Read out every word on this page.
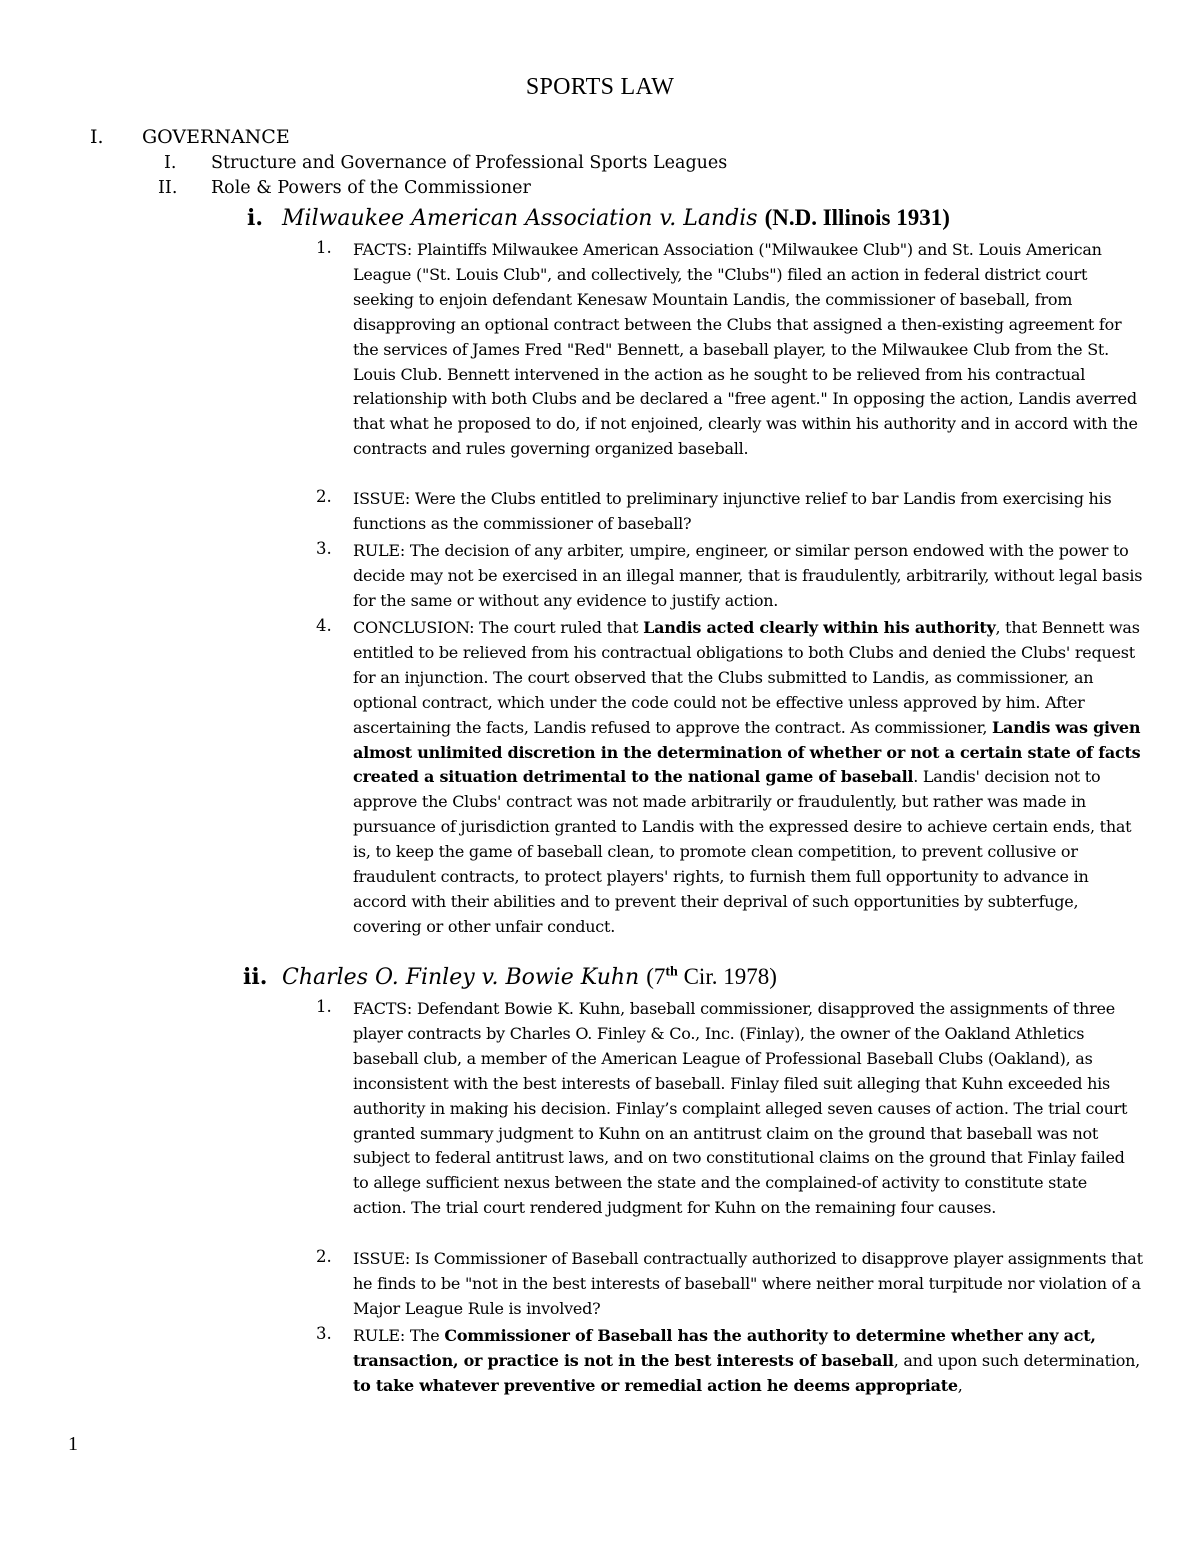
SPORTS LAW
I. GOVERNANCE
I. Structure and Governance of Professional Sports Leagues
II. Role & Powers of the Commissioner
i. Milwaukee American Association v. Landis (N.D. Illinois 1931)
1. FACTS: Plaintiffs Milwaukee American Association ("Milwaukee Club") and St. Louis American League ("St. Louis Club", and collectively, the "Clubs") filed an action in federal district court seeking to enjoin defendant Kenesaw Mountain Landis, the commissioner of baseball, from disapproving an optional contract between the Clubs that assigned a then-existing agreement for the services of James Fred "Red" Bennett, a baseball player, to the Milwaukee Club from the St. Louis Club. Bennett intervened in the action as he sought to be relieved from his contractual relationship with both Clubs and be declared a "free agent." In opposing the action, Landis averred that what he proposed to do, if not enjoined, clearly was within his authority and in accord with the contracts and rules governing organized baseball.

2. ISSUE: Were the Clubs entitled to preliminary injunctive relief to bar Landis from exercising his functions as the commissioner of baseball?

3. RULE: The decision of any arbiter, umpire, engineer, or similar person endowed with the power to decide may not be exercised in an illegal manner, that is fraudulently, arbitrarily, without legal basis for the same or without any evidence to justify action.

4. CONCLUSION: The court ruled that Landis acted clearly within his authority, that Bennett was entitled to be relieved from his contractual obligations to both Clubs and denied the Clubs' request for an injunction. The court observed that the Clubs submitted to Landis, as commissioner, an optional contract, which under the code could not be effective unless approved by him. After ascertaining the facts, Landis refused to approve the contract. As commissioner, Landis was given almost unlimited discretion in the determination of whether or not a certain state of facts created a situation detrimental to the national game of baseball. Landis' decision not to approve the Clubs' contract was not made arbitrarily or fraudulently, but rather was made in pursuance of jurisdiction granted to Landis with the expressed desire to achieve certain ends, that is, to keep the game of baseball clean, to promote clean competition, to prevent collusive or fraudulent contracts, to protect players' rights, to furnish them full opportunity to advance in accord with their abilities and to prevent their deprival of such opportunities by subterfuge, covering or other unfair conduct.

ii. Charles O. Finley v. Bowie Kuhn (7th Cir. 1978)
1. FACTS: Defendant Bowie K. Kuhn, baseball commissioner, disapproved the assignments of three player contracts by Charles O. Finley & Co., Inc. (Finlay), the owner of the Oakland Athletics baseball club, a member of the American League of Professional Baseball Clubs (Oakland), as inconsistent with the best interests of baseball. Finlay filed suit alleging that Kuhn exceeded his authority in making his decision. Finlay’s complaint alleged seven causes of action. The trial court granted summary judgment to Kuhn on an antitrust claim on the ground that baseball was not subject to federal antitrust laws, and on two constitutional claims on the ground that Finlay failed to allege sufficient nexus between the state and the complained-of activity to constitute state action. The trial court rendered judgment for Kuhn on the remaining four causes.

2. ISSUE: Is Commissioner of Baseball contractually authorized to disapprove player assignments that he finds to be "not in the best interests of baseball" where neither moral turpitude nor violation of a Major League Rule is involved?

3. RULE: The Commissioner of Baseball has the authority to determine whether any act, transaction, or practice is not in the best interests of baseball, and upon such determination, to take whatever preventive or remedial action he deems appropriate,

1
